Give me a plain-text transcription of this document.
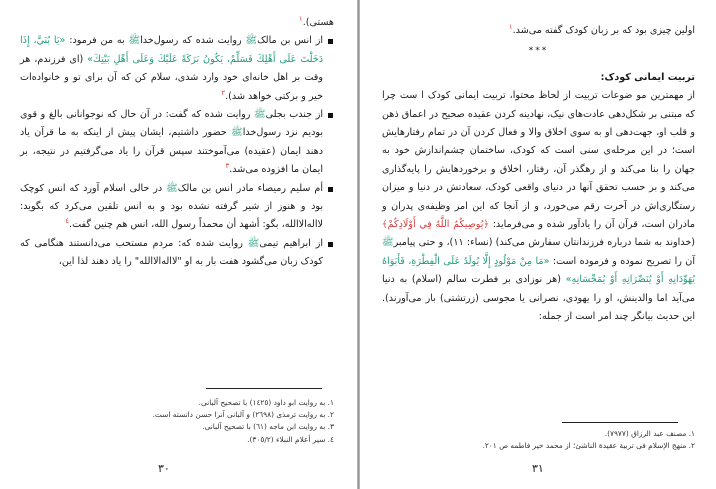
هستی).$^١$

از انس بن مالکﷺ روایت شده که رسول‌خداﷺ به من فرمود: «يَا بُنَيَّ، إِذَا دَخَلْتَ عَلَى أَهْلِكَ فَسَلِّمْ، يَكُونُ بَرَكَةً عَلَيْكَ وَعَلَى أَهْلِ بَيْتِكَ» (ای فرزندم، هر وقت بر اهل خانه‌ای خود وارد شدی، سلام کن که آن برای تو و خانواده‌ات خیر و برکتی خواهد شد).$^٢$

از جندب بجلیﷺ روایت شده که گفت: در آن حال که نوجوانانی بالغ و قوی بودیم نزد رسول‌خداﷺ حضور داشتیم، ایشان پیش از اینکه به ما قرآن یاد دهند ایمان (عقیده) می‌آموختند سپس قرآن را یاد می‌گرفتیم در نتیجه، بر ایمان ما افزوده می‌شد.$^٣$

أم سلیم رمیصاء مادر انس بن مالکﷺ در حالی اسلام آورد که انس کوچک بود و هنوز از شیر گرفته نشده بود و به انس تلقین می‌کرد که بگوید: لااله‌الاالله، بگو: أشهد أن محمداً رسول الله، انس هم چنین گفت.$^٤$

از ابراهیم تیمیﷺ روایت شده که: مردم مستحب می‌دانستند هنگامی که کودک زبان می‌گشود هفت بار به او "لااله‌الاالله" را یاد دهند لذا این،

١. به روایت ابو داود (١٤٢٥) با تصحیح آلبانی.
٢. به روایت ترمذی (٢٦٩٨) و آلبانی آنرا حسن دانسته است.
٣. به روایت ابن ماجه (٦١) با تصحیح آلبانی.
٤. سیر أعلام النبلاء (٣٠٥/٢).
٣٠

اولین چیزی بود که بر زبان کودک گفته می‌شد.$^١$

***
تربیت ایمانی کودک:

از مهمترین مو ضوعات تربیت از لحاظ محتوا، تربیت ایمانی کودک ا ست چرا که مبتنی بر شکل‌دهی عادت‌های نیک، نهادینه کردن عقیده صحیح در اعماق ذهن و قلب او، جهت‌دهی او به سوی اخلاق والا و فعال کردن آن در تمام رفتارهایش است؛ در این مرحله‌ی سنی است که کودک، ساختمان چشم‌اندازش خود به جهان را بنا می‌کند و از رهگذر آن، رفتار، اخلاق و برخوردهایش را پایه‌گذاری می‌کند و بر حسب تحقق آنها در دنیای واقعی کودک، سعادتش در دنیا و میزان رستگاری‌اش در آخرت رقم می‌خورد، و از آنجا که این امر وظیفه‌ی پدران و مادران است، قرآن آن را یادآور شده و می‌فرماید: ﴿يُوصِيكُمُ اللَّهُ فِي أَوْلَادِكُمْ﴾ (خداوند به شما درباره فرزندانتان سفارش می‌کند) (نساء: ١١)، و حتی پیامبرﷺ آن را تصریح نموده و فرموده است: «مَا مِنْ مَوْلُودٍ إِلَّا يُولَدُ عَلَى الْفِطْرَةِ، فَأَبَوَاهُ يُهَوِّدَانِهِ أَوْ يُنَصِّرَانِهِ أَوْ يُمَجِّسَانِهِ» (هر نوزادی بر فطرت سالم (اسلام) به دنیا می‌آید اما والدینش، او را یهودی، نصرانی یا مجوسی (زرتشتی) بار می‌آورند). این حدیث بیانگر چند امر است از جمله:

١. مصنف عبد الرزاق (٧٩٧٧).
٢. منهج الإسلام فی تربیة عقیدة الناشئ؛ از محمد خیر فاطمه ص ٢٠١.
٣١
